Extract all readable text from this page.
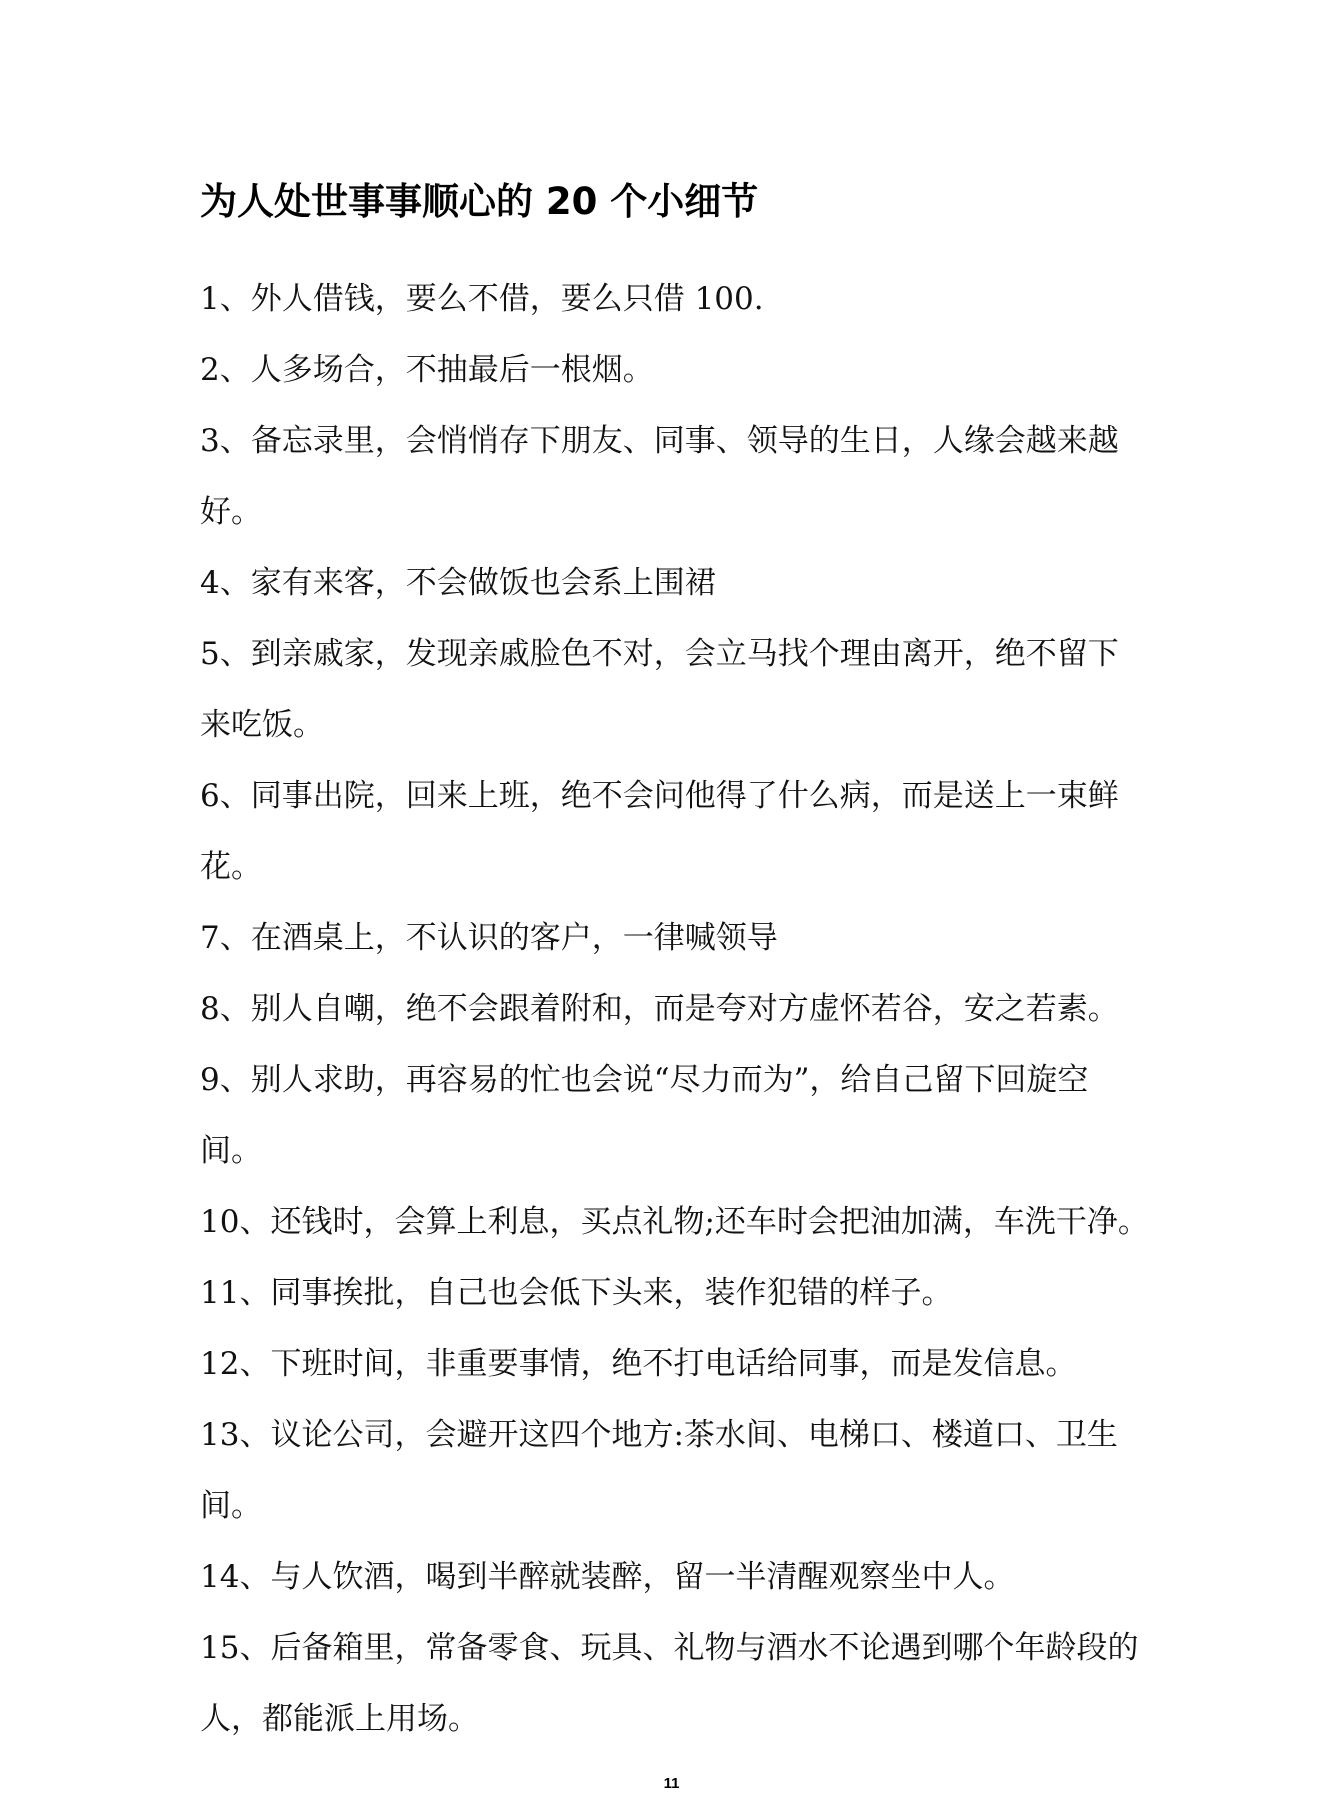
为人处世事事顺心的 20 个小细节
1、外人借钱，要么不借，要么只借 100.
2、人多场合，不抽最后一根烟。
3、备忘录里，会悄悄存下朋友、同事、领导的生日，人缘会越来越
好。
4、家有来客，不会做饭也会系上围裙
5、到亲戚家，发现亲戚脸色不对，会立马找个理由离开，绝不留下
来吃饭。
6、同事出院，回来上班，绝不会问他得了什么病，而是送上一束鲜
花。
7、在酒桌上，不认识的客户，一律喊领导
8、别人自嘲，绝不会跟着附和，而是夸对方虚怀若谷，安之若素。
9、别人求助，再容易的忙也会说“尽力而为”，给自己留下回旋空
间。
10、还钱时，会算上利息，买点礼物;还车时会把油加满，车洗干净。
11、同事挨批，自己也会低下头来，装作犯错的样子。
12、下班时间，非重要事情，绝不打电话给同事，而是发信息。
13、议论公司，会避开这四个地方:茶水间、电梯口、楼道口、卫生
间。
14、与人饮酒，喝到半醉就装醉，留一半清醒观察坐中人。
15、后备箱里，常备零食、玩具、礼物与酒水不论遇到哪个年龄段的
人，都能派上用场。
11
